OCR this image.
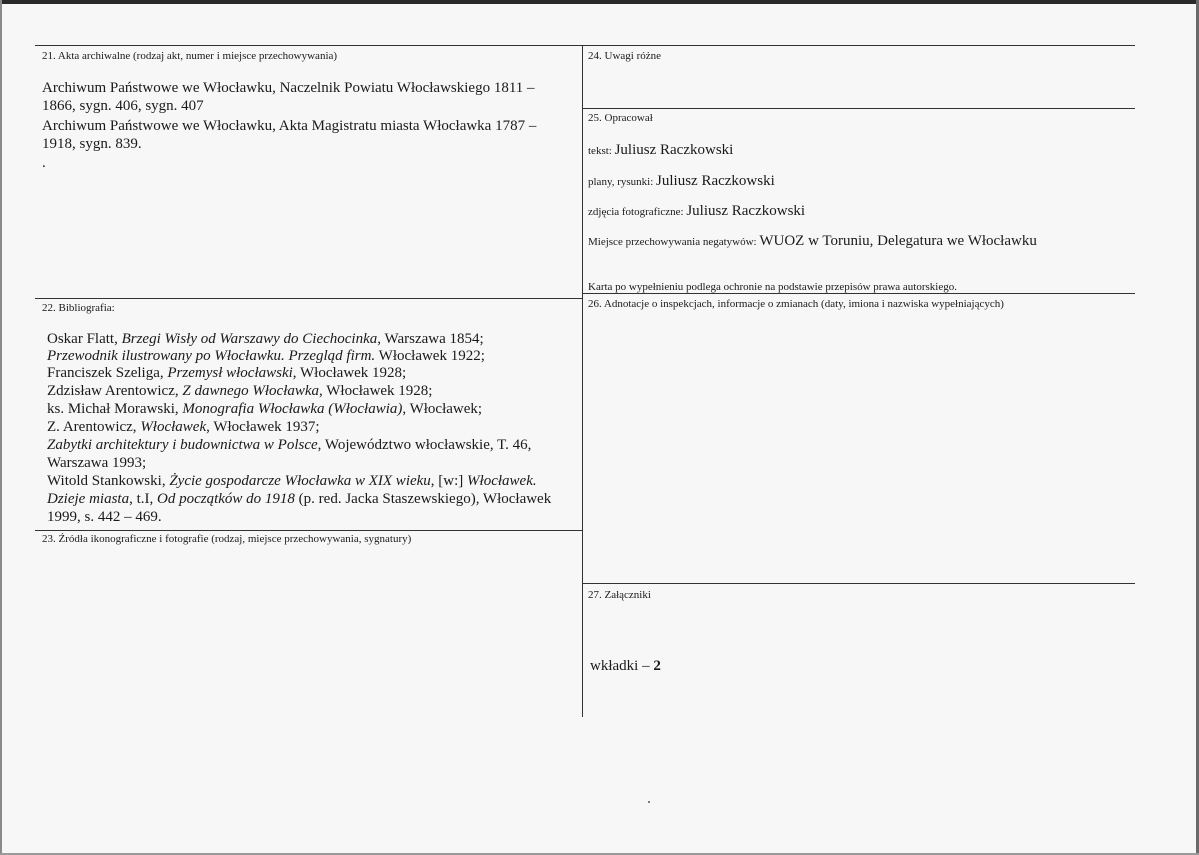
21. Akta archiwalne (rodzaj akt, numer i miejsce przechowywania)
Archiwum Państwowe we Włocławku, Naczelnik Powiatu Włocławskiego 1811 –
1866, sygn. 406, sygn. 407
Archiwum Państwowe we Włocławku, Akta Magistratu miasta Włocławka 1787 –
1918, sygn. 839.
.
22. Bibliografia:
Oskar Flatt, Brzegi Wisły od Warszawy do Ciechocinka, Warszawa 1854;
Przewodnik ilustrowany po Włocławku. Przegląd firm. Włocławek 1922;
Franciszek Szeliga, Przemysł włocławski, Włocławek 1928;
Zdzisław Arentowicz, Z dawnego Włocławka, Włocławek 1928;
ks. Michał Morawski, Monografia Włocławka (Włocławia), Włocławek;
Z. Arentowicz, Włocławek, Włocławek 1937;
Zabytki architektury i budownictwa w Polsce, Województwo włocławskie, T. 46,
Warszawa 1993;
Witold Stankowski, Życie gospodarcze Włocławka w XIX wieku, [w:] Włocławek.
Dzieje miasta, t.I, Od początków do 1918 (p. red. Jacka Staszewskiego), Włocławek
1999, s. 442 – 469.
23. Źródła ikonograficzne i fotografie (rodzaj, miejsce przechowywania, sygnatury)
24. Uwagi różne
25. Opracował
tekst: Juliusz Raczkowski
plany, rysunki: Juliusz Raczkowski
zdjęcia fotograficzne: Juliusz Raczkowski
Miejsce przechowywania negatywów: WUOZ w Toruniu, Delegatura we Włocławku
Karta po wypełnieniu podlega ochronie na podstawie przepisów prawa autorskiego.
26. Adnotacje o inspekcjach, informacje o zmianach (daty, imiona i nazwiska wypełniających)
27. Załączniki
wkładki – 2
